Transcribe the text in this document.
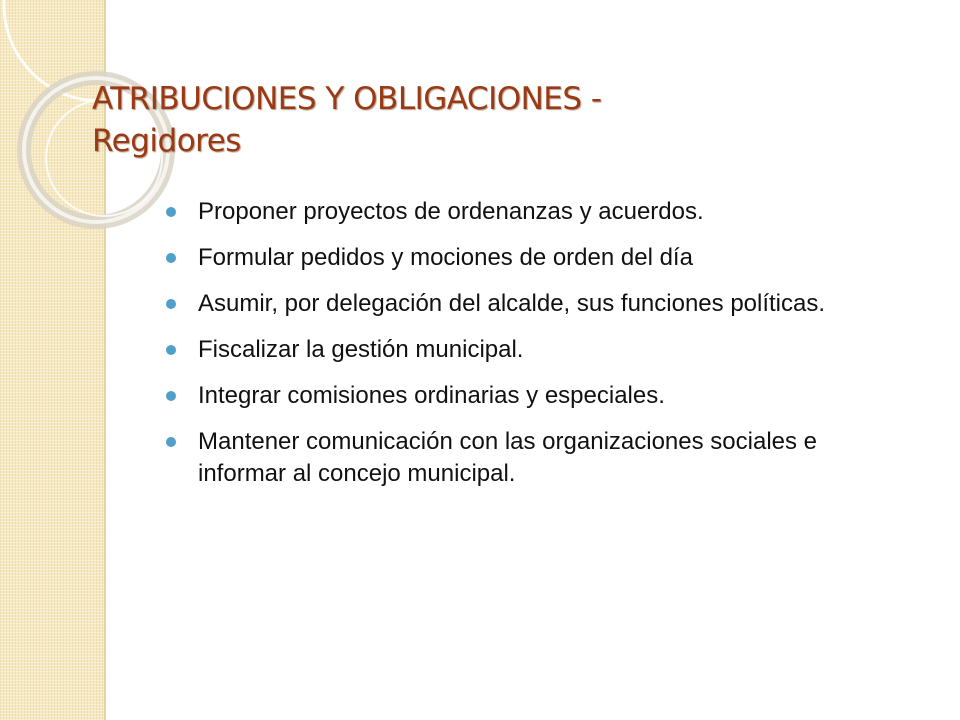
ATRIBUCIONES Y OBLIGACIONES -
Regidores
Proponer proyectos de ordenanzas y acuerdos.
Formular pedidos y mociones de orden del día
Asumir, por delegación del alcalde, sus funciones políticas.
Fiscalizar la gestión municipal.
Integrar comisiones ordinarias y especiales.
Mantener comunicación con las organizaciones sociales e informar al concejo municipal.
